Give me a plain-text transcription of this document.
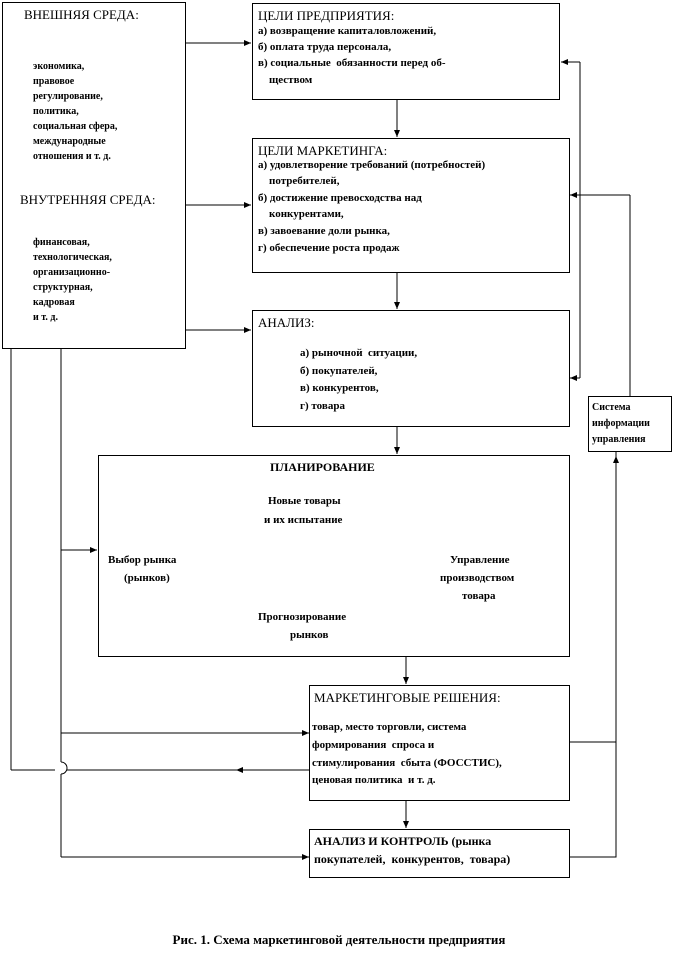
ВНЕШНЯЯ СРЕДА:
экономика,
правовое
регулирование,
политика,
социальная сфера,
международные
отношения и т. д.
ВНУТРЕННЯЯ СРЕДА:
финансовая,
технологическая,
организационно-
структурная,
кадровая
и т. д.
ЦЕЛИ ПРЕДПРИЯТИЯ:
а) возвращение капиталовложений,
б) оплата труда персонала,
в) социальные  обязанности перед об-
ществом
ЦЕЛИ МАРКЕТИНГА:
а) удовлетворение требований (потребностей)
потребителей,
б) достижение превосходства над
конкурентами,
в) завоевание доли рынка,
г) обеспечение роста продаж
АНАЛИЗ:
а) рыночной  ситуации,
б) покупателей,
в) конкурентов,
г) товара	Система
информации
управления
ПЛАНИРОВАНИЕ
Новые товары
и их испытание
Выбор рынка
(рынков)
Управление
производством
товара
Прогнозирование
рынков
МАРКЕТИНГОВЫЕ РЕШЕНИЯ:
товар, место торговли, система
формирования  спроса и
стимулирования  сбыта (ФОССТИС),
ценовая политика  и т. д.
АНАЛИЗ И КОНТРОЛЬ (рынка
покупателей,  конкурентов,  товара)
Рис. 1. Схема маркетинговой деятельности предприятия
